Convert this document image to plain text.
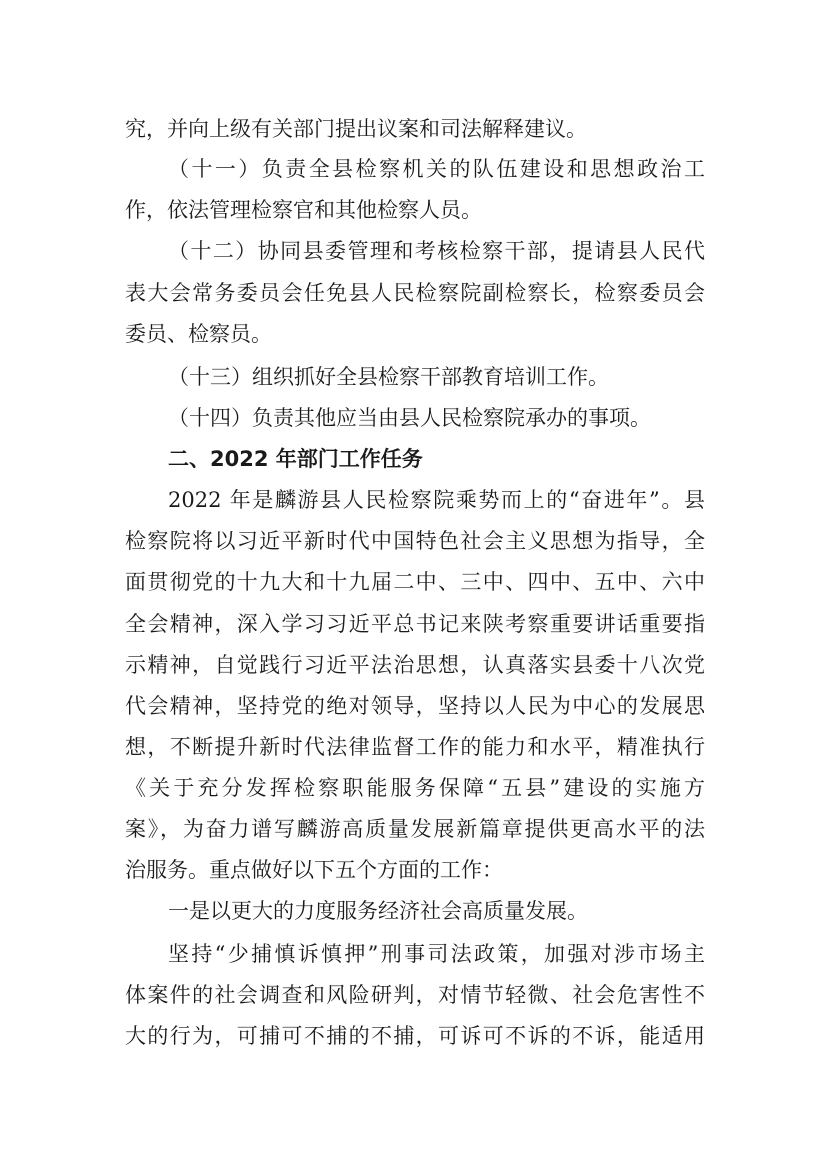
究，并向上级有关部门提出议案和司法解释建议。
（十一）负责全县检察机关的队伍建设和思想政治工
作，依法管理检察官和其他检察人员。
（十二）协同县委管理和考核检察干部，提请县人民代
表大会常务委员会任免县人民检察院副检察长，检察委员会
委员、检察员。
（十三）组织抓好全县检察干部教育培训工作。
（十四）负责其他应当由县人民检察院承办的事项。
二、2022 年部门工作任务
2022 年是麟游县人民检察院乘势而上的“奋进年”。县
检察院将以习近平新时代中国特色社会主义思想为指导，全
面贯彻党的十九大和十九届二中、三中、四中、五中、六中
全会精神，深入学习习近平总书记来陕考察重要讲话重要指
示精神，自觉践行习近平法治思想，认真落实县委十八次党
代会精神，坚持党的绝对领导，坚持以人民为中心的发展思
想，不断提升新时代法律监督工作的能力和水平，精准执行
《关于充分发挥检察职能服务保障“五县”建设的实施方
案》，为奋力谱写麟游高质量发展新篇章提供更高水平的法
治服务。重点做好以下五个方面的工作：
一是以更大的力度服务经济社会高质量发展。
坚持“少捕慎诉慎押”刑事司法政策，加强对涉市场主
体案件的社会调查和风险研判，对情节轻微、社会危害性不
大的行为，可捕可不捕的不捕，可诉可不诉的不诉，能适用
